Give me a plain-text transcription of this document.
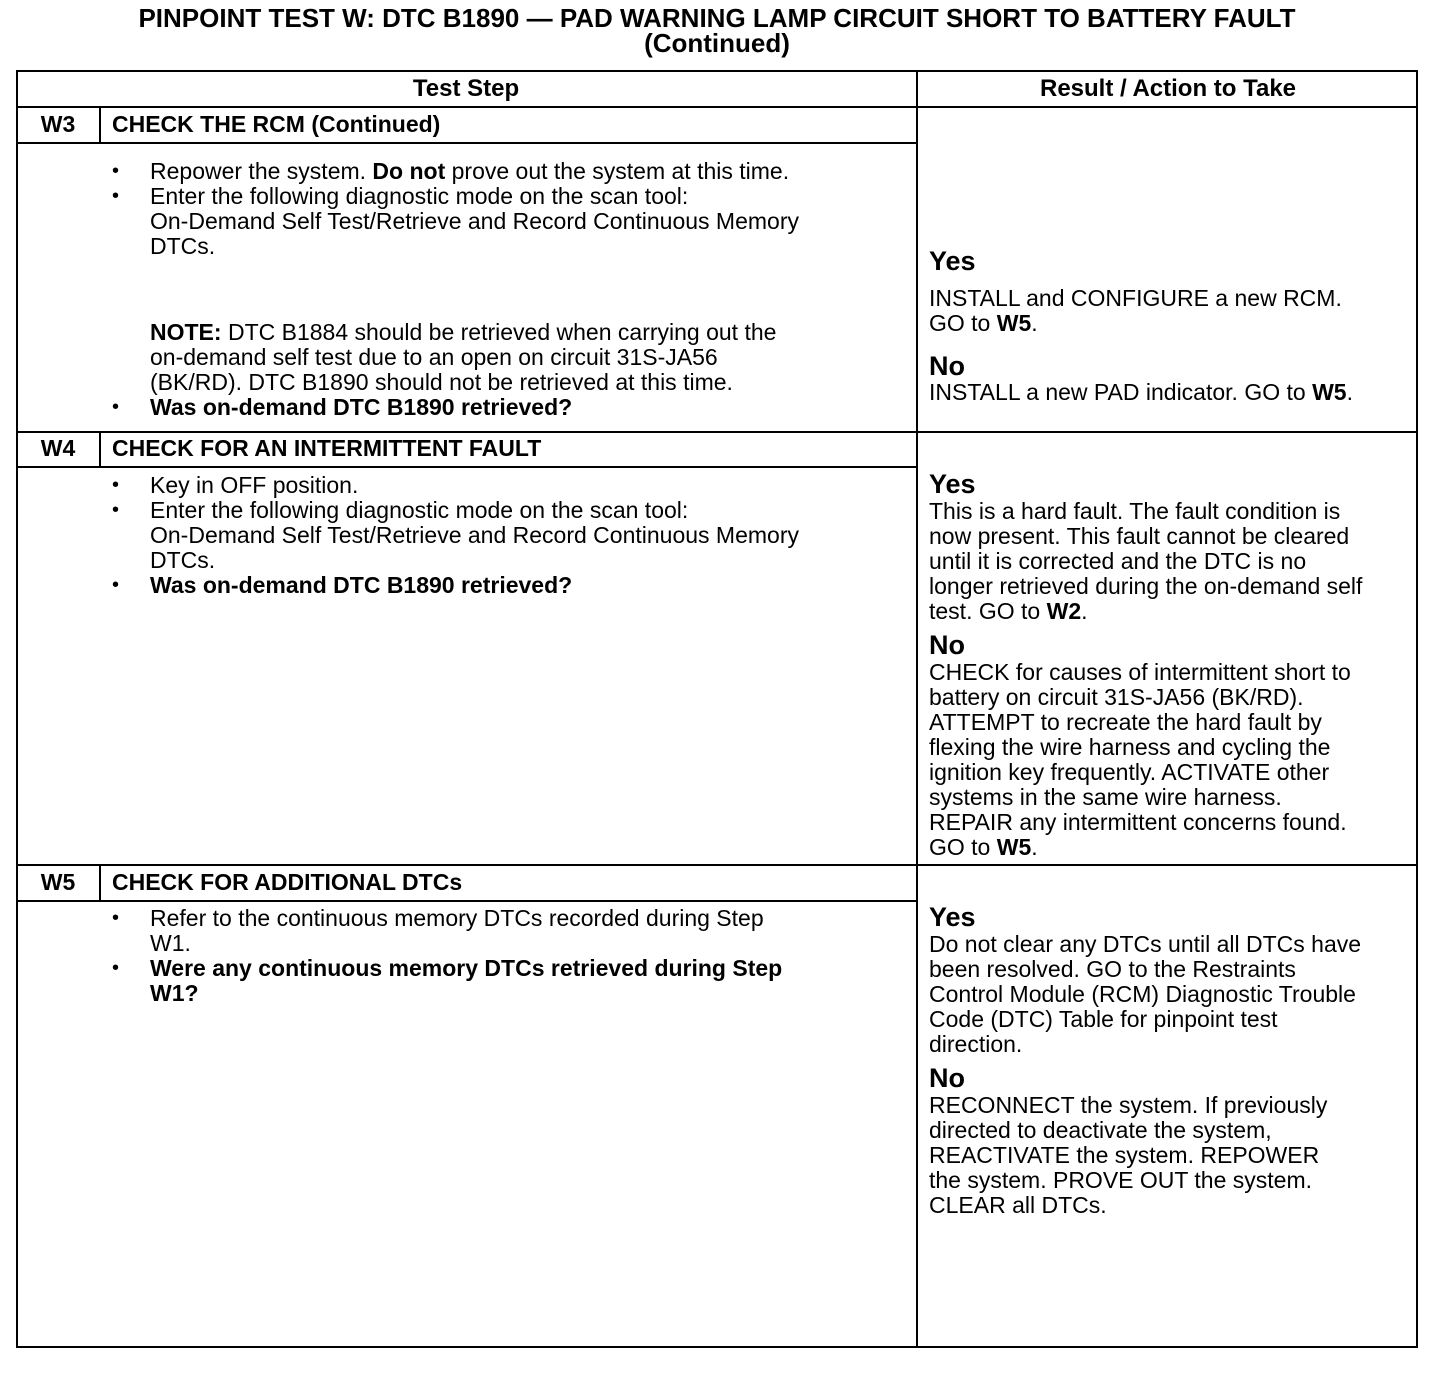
PINPOINT TEST W: DTC B1890 — PAD WARNING LAMP CIRCUIT SHORT TO BATTERY FAULT
(Continued)
Test Step	Result / Action to Take
W3	CHECK THE RCM (Continued)
• Repower the system. Do not prove out the system at this time.
• Enter the following diagnostic mode on the scan tool:
On-Demand Self Test/Retrieve and Record Continuous Memory
DTCs.
NOTE: DTC B1884 should be retrieved when carrying out the
on-demand self test due to an open on circuit 31S-JA56
(BK/RD). DTC B1890 should not be retrieved at this time.
• Was on-demand DTC B1890 retrieved?
Yes
INSTALL and CONFIGURE a new RCM.
GO to W5.
No
INSTALL a new PAD indicator. GO to W5.
W4	CHECK FOR AN INTERMITTENT FAULT
• Key in OFF position.
• Enter the following diagnostic mode on the scan tool:
On-Demand Self Test/Retrieve and Record Continuous Memory
DTCs.
• Was on-demand DTC B1890 retrieved?
Yes
This is a hard fault. The fault condition is
now present. This fault cannot be cleared
until it is corrected and the DTC is no
longer retrieved during the on-demand self
test. GO to W2.
No
CHECK for causes of intermittent short to
battery on circuit 31S-JA56 (BK/RD).
ATTEMPT to recreate the hard fault by
flexing the wire harness and cycling the
ignition key frequently. ACTIVATE other
systems in the same wire harness.
REPAIR any intermittent concerns found.
GO to W5.
W5	CHECK FOR ADDITIONAL DTCs
• Refer to the continuous memory DTCs recorded during Step
W1.
• Were any continuous memory DTCs retrieved during Step
W1?
Yes
Do not clear any DTCs until all DTCs have
been resolved. GO to the Restraints
Control Module (RCM) Diagnostic Trouble
Code (DTC) Table for pinpoint test
direction.
No
RECONNECT the system. If previously
directed to deactivate the system,
REACTIVATE the system. REPOWER
the system. PROVE OUT the system.
CLEAR all DTCs.
